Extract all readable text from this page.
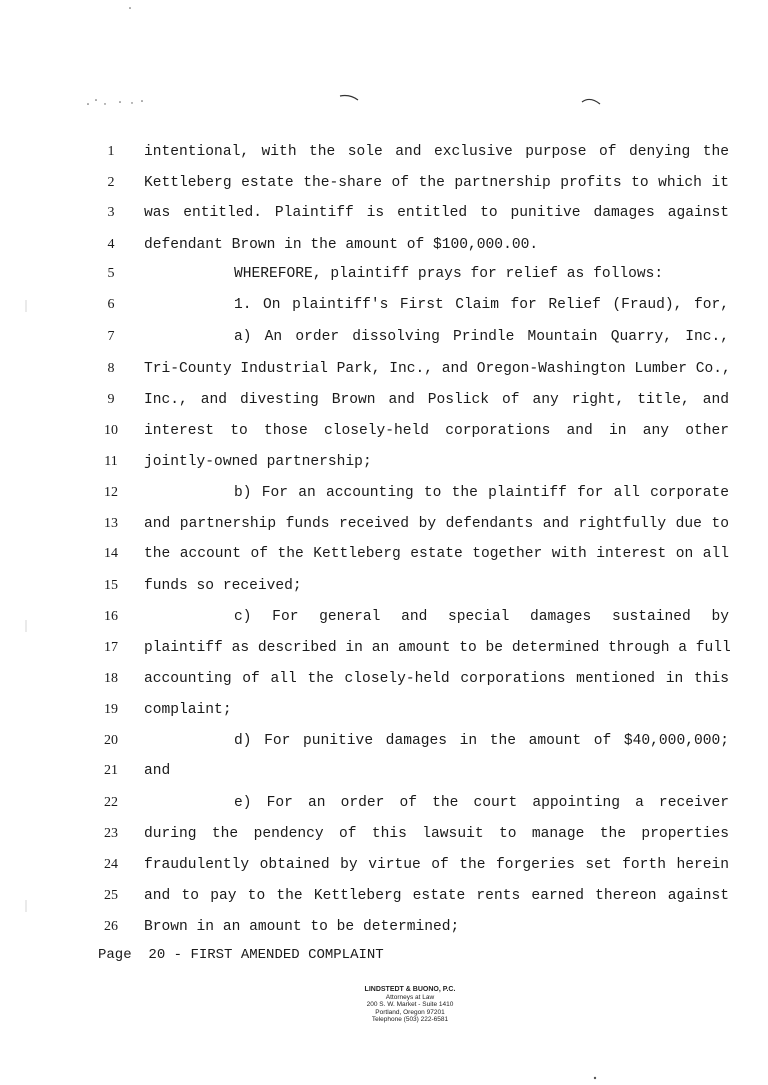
1	intentional, with the sole and exclusive purpose of denying the
2	Kettleberg estate the-share of the partnership profits to which it
3	was entitled. Plaintiff is entitled to punitive damages against
4	defendant Brown in the amount of $100,000.00.
5	WHEREFORE, plaintiff prays for relief as follows:
6	1. On plaintiff's First Claim for Relief (Fraud), for,
7	a) An order dissolving Prindle Mountain Quarry, Inc.,
8	Tri-County Industrial Park, Inc., and Oregon-Washington Lumber Co.,
9	Inc., and divesting Brown and Poslick of any right, title, and
10	interest to those closely-held corporations and in any other
11	jointly-owned partnership;
12	b) For an accounting to the plaintiff for all corporate
13	and partnership funds received by defendants and rightfully due to
14	the account of the Kettleberg estate together with interest on all
15	funds so received;
16	c) For general and special damages sustained by
17	plaintiff as described in an amount to be determined through a full
18	accounting of all the closely-held corporations mentioned in this
19	complaint;
20	d) For punitive damages in the amount of $40,000,000;
21	and
22	e) For an order of the court appointing a receiver
23	during the pendency of this lawsuit to manage the properties
24	fraudulently obtained by virtue of the forgeries set forth herein
25	and to pay to the Kettleberg estate rents earned thereon against
26	Brown in an amount to be determined;
Page 20 - FIRST AMENDED COMPLAINT
LINDSTEDT & BUONO, P.C.
Attorneys at Law
200 S. W. Market - Suite 1410
Portland, Oregon 97201
Telephone (503) 222-6581
